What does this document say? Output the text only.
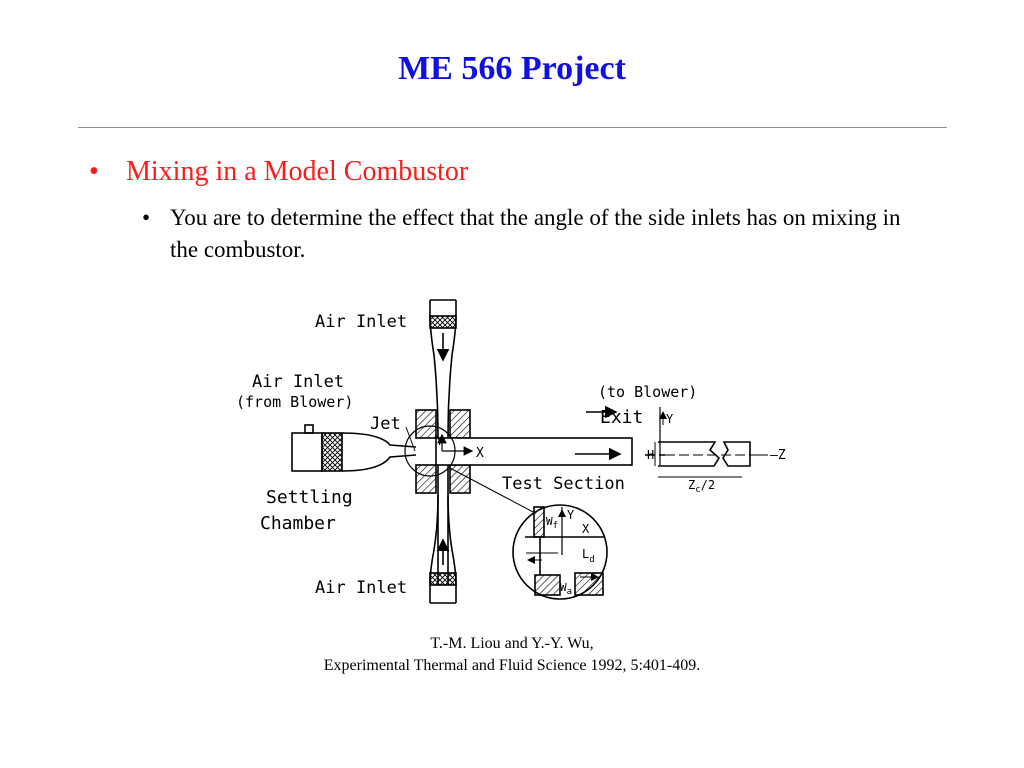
ME 566 Project
• Mixing in a Model Combustor
• You are to determine the effect that the angle of the side inlets has on mixing in the combustor.
Air Inlet
Air Inlet
(from Blower)
Jet
(to Blower)
Exit
Test Section
Settling
Chamber
Air Inlet
Y
X
Y
H	–Z
$Z_c/2$
Y
X
$W_f$
$L_d$
$W_a$
T.-M. Liou and Y.-Y. Wu,
Experimental Thermal and Fluid Science 1992, 5:401-409.
